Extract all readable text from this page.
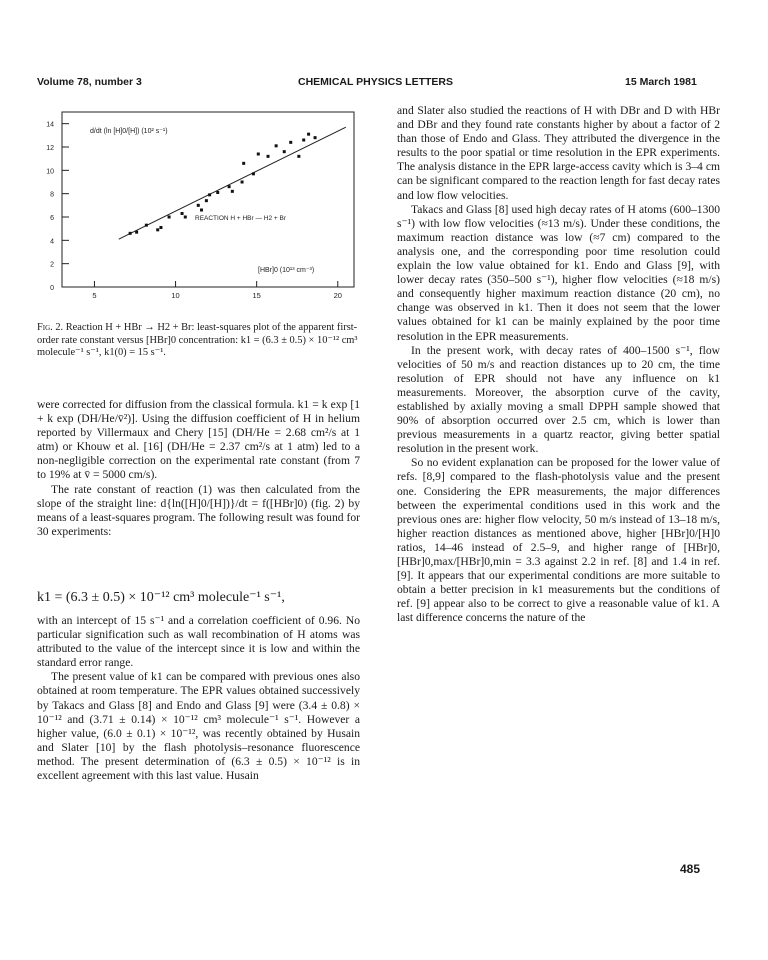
Volume 78, number 3	CHEMICAL PHYSICS LETTERS	15 March 1981
0
2
4
6
8
10
12
14
5	10	15	20
d/dt (ln [H]0/[H]) (10² s⁻¹)
REACTION H + HBr — H2 + Br
[HBr]0 (10¹³ cm⁻³)
Fig. 2. Reaction H + HBr → H2 + Br: least-squares plot of the apparent first-order rate constant versus [HBr]0 concentration: k1 = (6.3 ± 0.5) × 10⁻¹² cm³ molecule⁻¹ s⁻¹, k1(0) = 15 s⁻¹.

were corrected for diffusion from the classical formula. k1 = k exp [1 + k exp (DH/He/v̄²)]. Using the diffusion coefficient of H in helium reported by Villermaux and Chery [15] (DH/He = 2.68 cm²/s at 1 atm) or Khouw et al. [16] (DH/He = 2.37 cm²/s at 1 atm) led to a non-negligible correction on the experimental rate constant (from 7 to 19% at v̄ = 5000 cm/s).

The rate constant of reaction (1) was then calculated from the slope of the straight line: d{ln([H]0/[H])}/dt = f([HBr]0) (fig. 2) by means of a least-squares program. The following result was found for 30 experiments:

k1 = (6.3 ± 0.5) × 10⁻¹² cm³ molecule⁻¹ s⁻¹,

with an intercept of 15 s⁻¹ and a correlation coefficient of 0.96. No particular signification such as wall recombination of H atoms was attributed to the value of the intercept since it is low and within the standard error range.

The present value of k1 can be compared with previous ones also obtained at room temperature. The EPR values obtained successively by Takacs and Glass [8] and Endo and Glass [9] were (3.4 ± 0.8) × 10⁻¹² and (3.71 ± 0.14) × 10⁻¹² cm³ molecule⁻¹ s⁻¹. However a higher value, (6.0 ± 0.1) × 10⁻¹², was recently obtained by Husain and Slater [10] by the flash photolysis–resonance fluorescence method. The present determination of (6.3 ± 0.5) × 10⁻¹² is in excellent agreement with this last value. Husain

and Slater also studied the reactions of H with DBr and D with HBr and DBr and they found rate constants higher by about a factor of 2 than those of Endo and Glass. They attributed the divergence in the results to the poor spatial or time resolution in the EPR experiments. The analysis distance in the EPR large-access cavity which is 3–4 cm can be significant compared to the reaction length for fast decay rates and low flow velocities.

Takacs and Glass [8] used high decay rates of H atoms (600–1300 s⁻¹) with low flow velocities (≈13 m/s). Under these conditions, the maximum reaction distance was low (≈7 cm) compared to the analysis one, and the corresponding poor time resolution could explain the low value obtained for k1. Endo and Glass [9], with lower decay rates (350–500 s⁻¹), higher flow velocities (≈18 m/s) and consequently higher maximum reaction distance (20 cm), no change was observed in k1. Then it does not seem that the lower values obtained for k1 can be mainly explained by the poor time resolution in the EPR measurements.

In the present work, with decay rates of 400–1500 s⁻¹, flow velocities of 50 m/s and reaction distances up to 20 cm, the time resolution of EPR should not have any influence on k1 measurements. Moreover, the absorption curve of the cavity, established by axially moving a small DPPH sample showed that 90% of absorption occurred over 2.5 cm, which is lower than previous measurements in a quartz reactor, giving better spatial resolution in the present work.

So no evident explanation can be proposed for the lower value of refs. [8,9] compared to the flash-photolysis value and the present one. Considering the EPR measurements, the major differences between the experimental conditions used in this work and the previous ones are: higher flow velocity, 50 m/s instead of 13–18 m/s, higher reaction distances as mentioned above, higher [HBr]0/[H]0 ratios, 14–46 instead of 2.5–9, and higher range of [HBr]0, [HBr]0,max/[HBr]0,min = 3.3 against 2.2 in ref. [8] and 1.4 in ref. [9]. It appears that our experimental conditions are more suitable to obtain a better precision in k1 measurements but the conditions of ref. [9] appear also to be correct to give a reasonable value of k1. A last difference concerns the nature of the

485
